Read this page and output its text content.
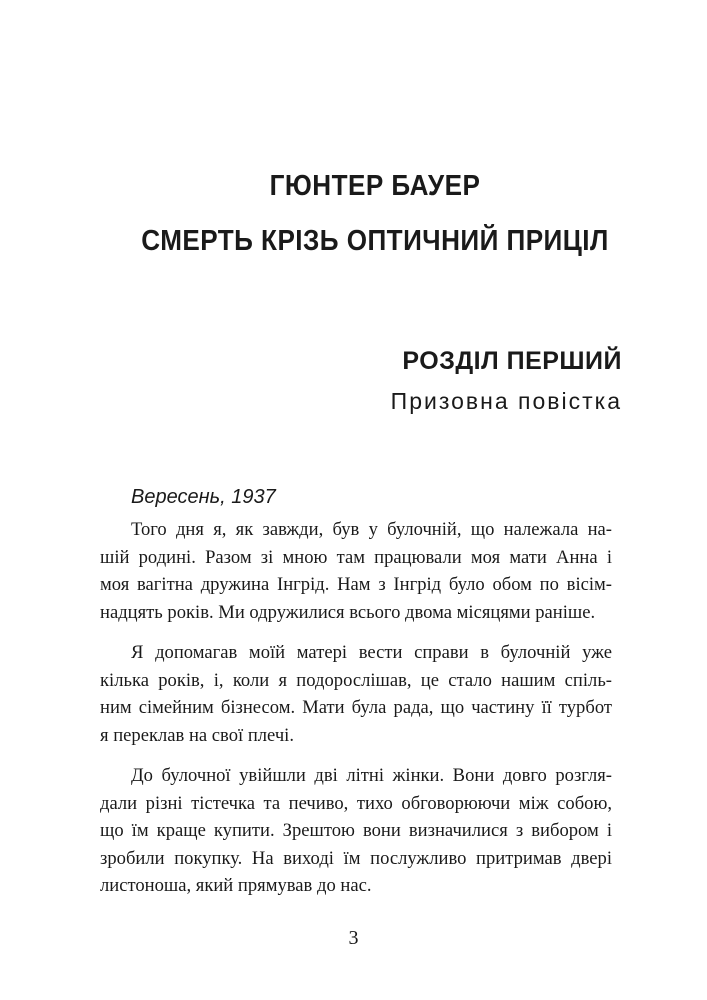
ГЮНТЕР БАУЕР
СМЕРТЬ КРІЗЬ ОПТИЧНИЙ ПРИЦІЛ
РОЗДІЛ ПЕРШИЙ
Призовна повістка
Вересень, 1937
Того дня я, як завжди, був у булочній, що належала на-
шій родині. Разом зі мною там працювали моя мати Анна і
моя вагітна дружина Інгрід. Нам з Інгрід було обом по вісім-
надцять років. Ми одружилися всього двома місяцями раніше.
Я допомагав моїй матері вести справи в булочній уже
кілька років, і, коли я подорослішав, це стало нашим спіль-
ним сімейним бізнесом. Мати була рада, що частину її турбот
я переклав на свої плечі.
До булочної увійшли дві літні жінки. Вони довго розгля-
дали різні тістечка та печиво, тихо обговорюючи між собою,
що їм краще купити. Зрештою вони визначилися з вибором і
зробили покупку. На виході їм послужливо притримав двері
листоноша, який прямував до нас.
3
